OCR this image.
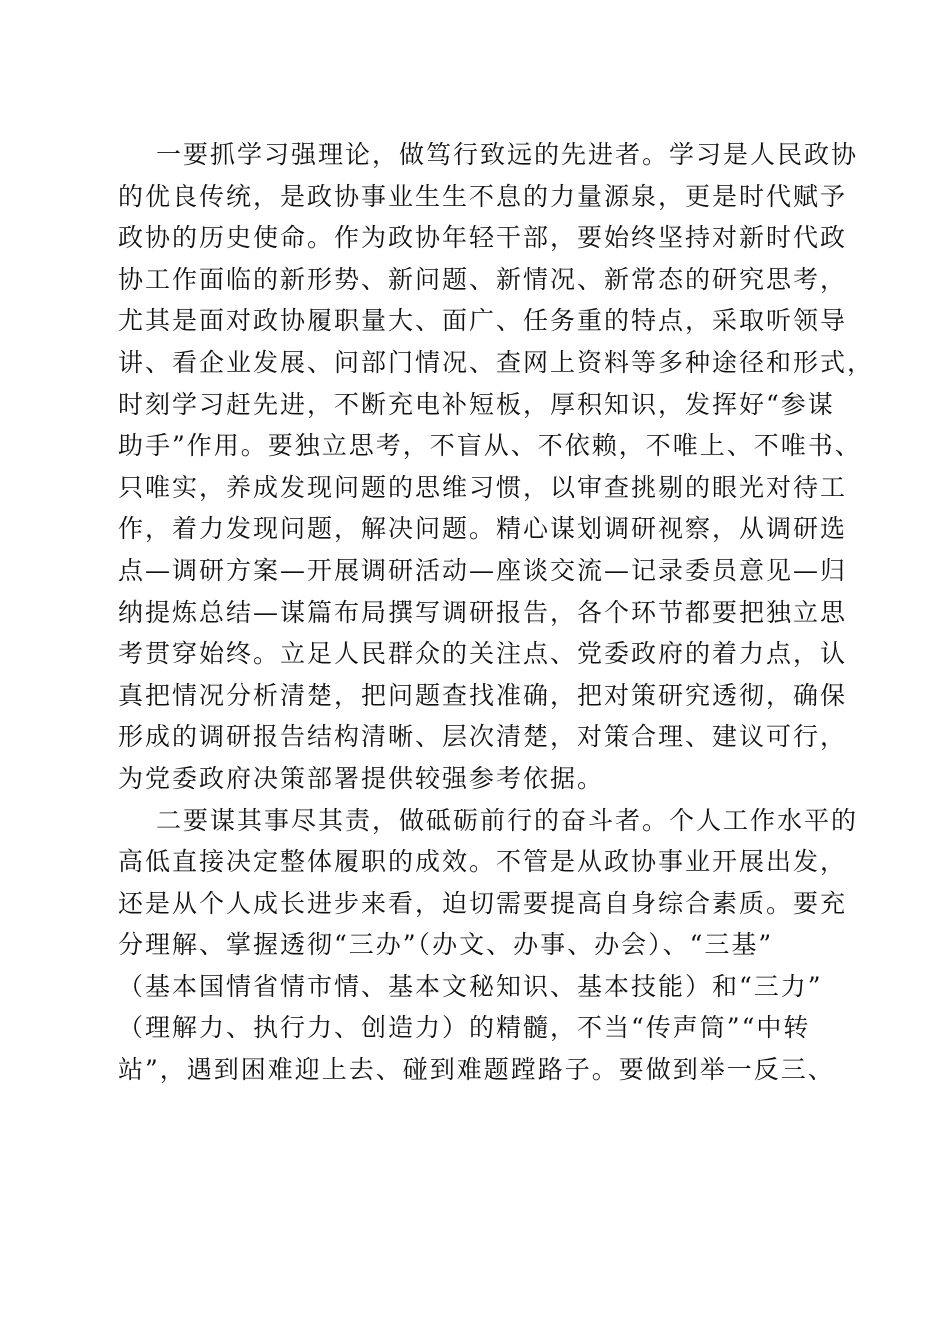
一要抓学习强理论，做笃行致远的先进者。学习是人民政协
的优良传统，是政协事业生生不息的力量源泉，更是时代赋予
政协的历史使命。作为政协年轻干部，要始终坚持对新时代政
协工作面临的新形势、新问题、新情况、新常态的研究思考，
尤其是面对政协履职量大、面广、任务重的特点，采取听领导
讲、看企业发展、问部门情况、查网上资料等多种途径和形式，
时刻学习赶先进，不断充电补短板，厚积知识，发挥好“参谋
助手”作用。要独立思考，不盲从、不依赖，不唯上、不唯书、
只唯实，养成发现问题的思维习惯，以审查挑剔的眼光对待工
作，着力发现问题，解决问题。精心谋划调研视察，从调研选
点—调研方案—开展调研活动—座谈交流—记录委员意见—归
纳提炼总结—谋篇布局撰写调研报告，各个环节都要把独立思
考贯穿始终。立足人民群众的关注点、党委政府的着力点，认
真把情况分析清楚，把问题查找准确，把对策研究透彻，确保
形成的调研报告结构清晰、层次清楚，对策合理、建议可行，
为党委政府决策部署提供较强参考依据。
二要谋其事尽其责，做砥砺前行的奋斗者。个人工作水平的
高低直接决定整体履职的成效。不管是从政协事业开展出发，
还是从个人成长进步来看，迫切需要提高自身综合素质。要充
分理解、掌握透彻“三办”（办文、办事、办会）、“三基”
（基本国情省情市情、基本文秘知识、基本技能）和“三力”
（理解力、执行力、创造力）的精髓，不当“传声筒”“中转
站”，遇到困难迎上去、碰到难题蹚路子。要做到举一反三、
